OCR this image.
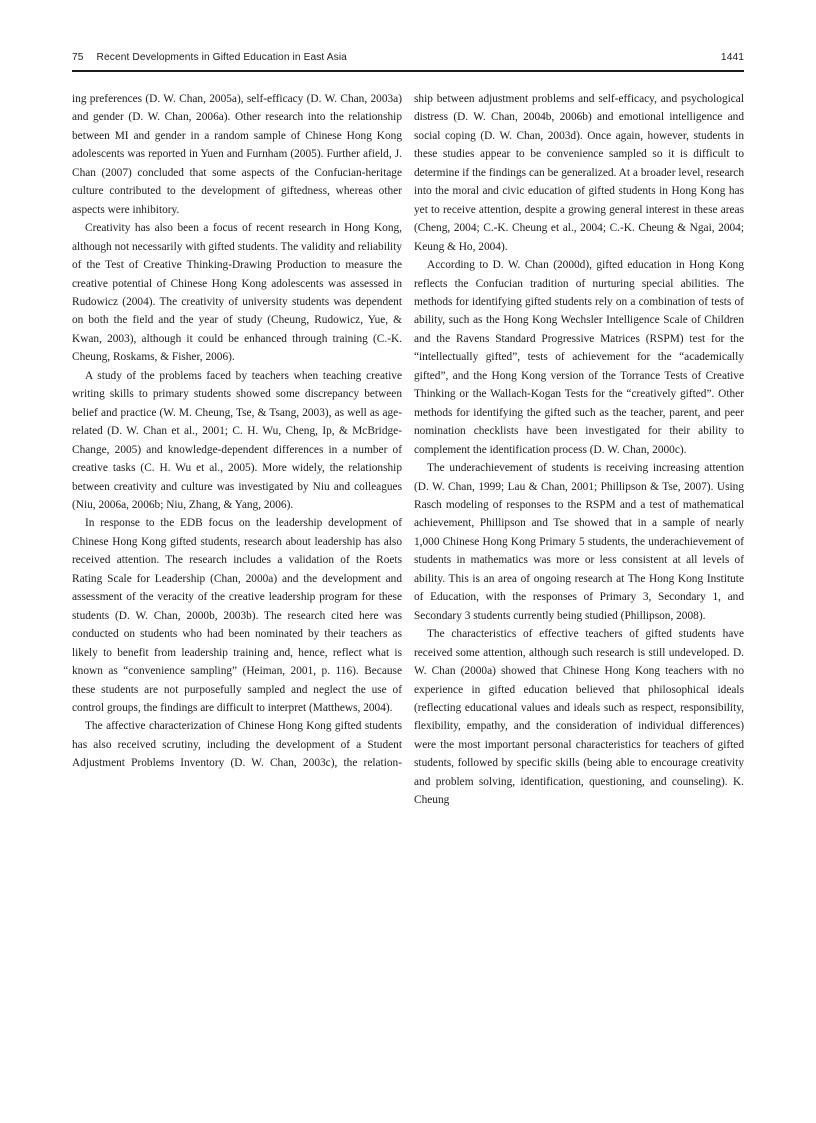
75 Recent Developments in Gifted Education in East Asia	1441

ing preferences (D. W. Chan, 2005a), self-efficacy (D. W. Chan, 2003a) and gender (D. W. Chan, 2006a). Other research into the relationship between MI and gender in a random sample of Chinese Hong Kong adolescents was reported in Yuen and Furnham (2005). Further afield, J. Chan (2007) concluded that some aspects of the Confucian-heritage culture contributed to the development of giftedness, whereas other aspects were inhibitory.

Creativity has also been a focus of recent research in Hong Kong, although not necessarily with gifted students. The validity and reliability of the Test of Creative Thinking-Drawing Production to measure the creative potential of Chinese Hong Kong adolescents was assessed in Rudowicz (2004). The creativity of university students was dependent on both the field and the year of study (Cheung, Rudowicz, Yue, & Kwan, 2003), although it could be enhanced through training (C.-K. Cheung, Roskams, & Fisher, 2006).

A study of the problems faced by teachers when teaching creative writing skills to primary students showed some discrepancy between belief and practice (W. M. Cheung, Tse, & Tsang, 2003), as well as age-related (D. W. Chan et al., 2001; C. H. Wu, Cheng, Ip, & McBridge-Change, 2005) and knowledge-dependent differences in a number of creative tasks (C. H. Wu et al., 2005). More widely, the relationship between creativity and culture was investigated by Niu and colleagues (Niu, 2006a, 2006b; Niu, Zhang, & Yang, 2006).

In response to the EDB focus on the leadership development of Chinese Hong Kong gifted students, research about leadership has also received attention. The research includes a validation of the Roets Rating Scale for Leadership (Chan, 2000a) and the development and assessment of the veracity of the creative leadership program for these students (D. W. Chan, 2000b, 2003b). The research cited here was conducted on students who had been nominated by their teachers as likely to benefit from leadership training and, hence, reflect what is known as “convenience sampling” (Heiman, 2001, p. 116). Because these students are not purposefully sampled and neglect the use of control groups, the findings are difficult to interpret (Matthews, 2004).

The affective characterization of Chinese Hong Kong gifted students has also received scrutiny, including the development of a Student Adjustment Problems Inventory (D. W. Chan, 2003c), the relation-

ship between adjustment problems and self-efficacy, and psychological distress (D. W. Chan, 2004b, 2006b) and emotional intelligence and social coping (D. W. Chan, 2003d). Once again, however, students in these studies appear to be convenience sampled so it is difficult to determine if the findings can be generalized. At a broader level, research into the moral and civic education of gifted students in Hong Kong has yet to receive attention, despite a growing general interest in these areas (Cheng, 2004; C.-K. Cheung et al., 2004; C.-K. Cheung & Ngai, 2004; Keung & Ho, 2004).

According to D. W. Chan (2000d), gifted education in Hong Kong reflects the Confucian tradition of nurturing special abilities. The methods for identifying gifted students rely on a combination of tests of ability, such as the Hong Kong Wechsler Intelligence Scale of Children and the Ravens Standard Progressive Matrices (RSPM) test for the “intellectually gifted”, tests of achievement for the “academically gifted”, and the Hong Kong version of the Torrance Tests of Creative Thinking or the Wallach-Kogan Tests for the “creatively gifted”. Other methods for identifying the gifted such as the teacher, parent, and peer nomination checklists have been investigated for their ability to complement the identification process (D. W. Chan, 2000c).

The underachievement of students is receiving increasing attention (D. W. Chan, 1999; Lau & Chan, 2001; Phillipson & Tse, 2007). Using Rasch modeling of responses to the RSPM and a test of mathematical achievement, Phillipson and Tse showed that in a sample of nearly 1,000 Chinese Hong Kong Primary 5 students, the underachievement of students in mathematics was more or less consistent at all levels of ability. This is an area of ongoing research at The Hong Kong Institute of Education, with the responses of Primary 3, Secondary 1, and Secondary 3 students currently being studied (Phillipson, 2008).

The characteristics of effective teachers of gifted students have received some attention, although such research is still undeveloped. D. W. Chan (2000a) showed that Chinese Hong Kong teachers with no experience in gifted education believed that philosophical ideals (reflecting educational values and ideals such as respect, responsibility, flexibility, empathy, and the consideration of individual differences) were the most important personal characteristics for teachers of gifted students, followed by specific skills (being able to encourage creativity and problem solving, identification, questioning, and counseling). K. Cheung
